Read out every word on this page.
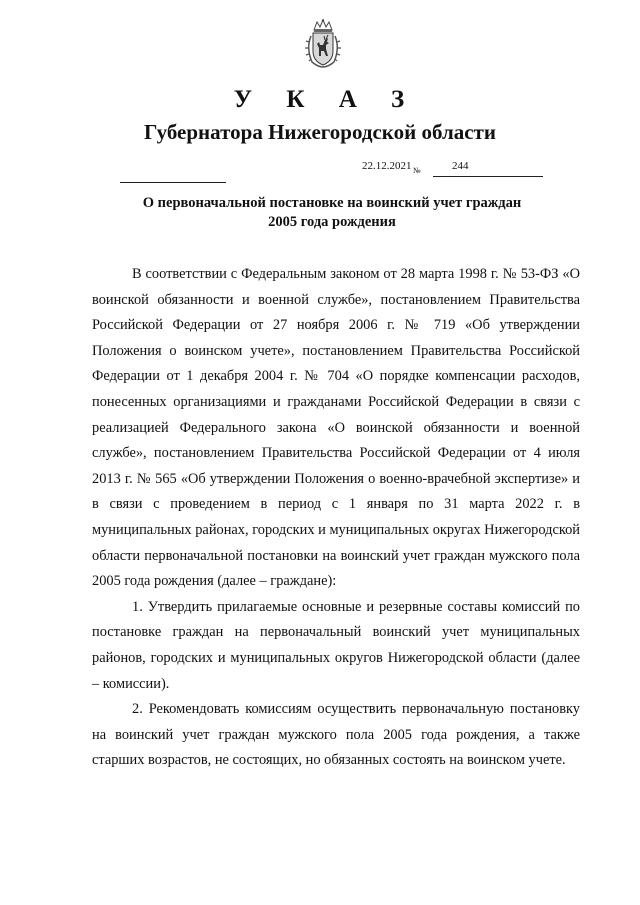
У К А З
Губернатора Нижегородской области
22.12.2021 №	244
О первоначальной постановке на воинский учет граждан
2005 года рождения

В соответствии с Федеральным законом от 28 марта 1998 г. № 53-ФЗ «О воинской обязанности и военной службе», постановлением Правительства Российской Федерации от 27 ноября 2006 г. № 719 «Об утверждении Положения о воинском учете», постановлением Правительства Российской Федерации от 1 декабря 2004 г. № 704 «О порядке компенсации расходов, понесенных организациями и гражданами Российской Федерации в связи с реализацией Федерального закона «О воинской обязанности и военной службе», постановлением Правительства Российской Федерации от 4 июля 2013 г. № 565 «Об утверждении Положения о военно-врачебной экспертизе» и в связи с проведением в период с 1 января по 31 марта 2022 г. в муниципальных районах, городских и муниципальных округах Нижегородской области первоначальной постановки на воинский учет граждан мужского пола 2005 года рождения (далее – граждане):

1. Утвердить прилагаемые основные и резервные составы комиссий по постановке граждан на первоначальный воинский учет муниципальных районов, городских и муниципальных округов Нижегородской области (далее – комиссии).

2. Рекомендовать комиссиям осуществить первоначальную постановку на воинский учет граждан мужского пола 2005 года рождения, а также старших возрастов, не состоящих, но обязанных состоять на воинском учете.
